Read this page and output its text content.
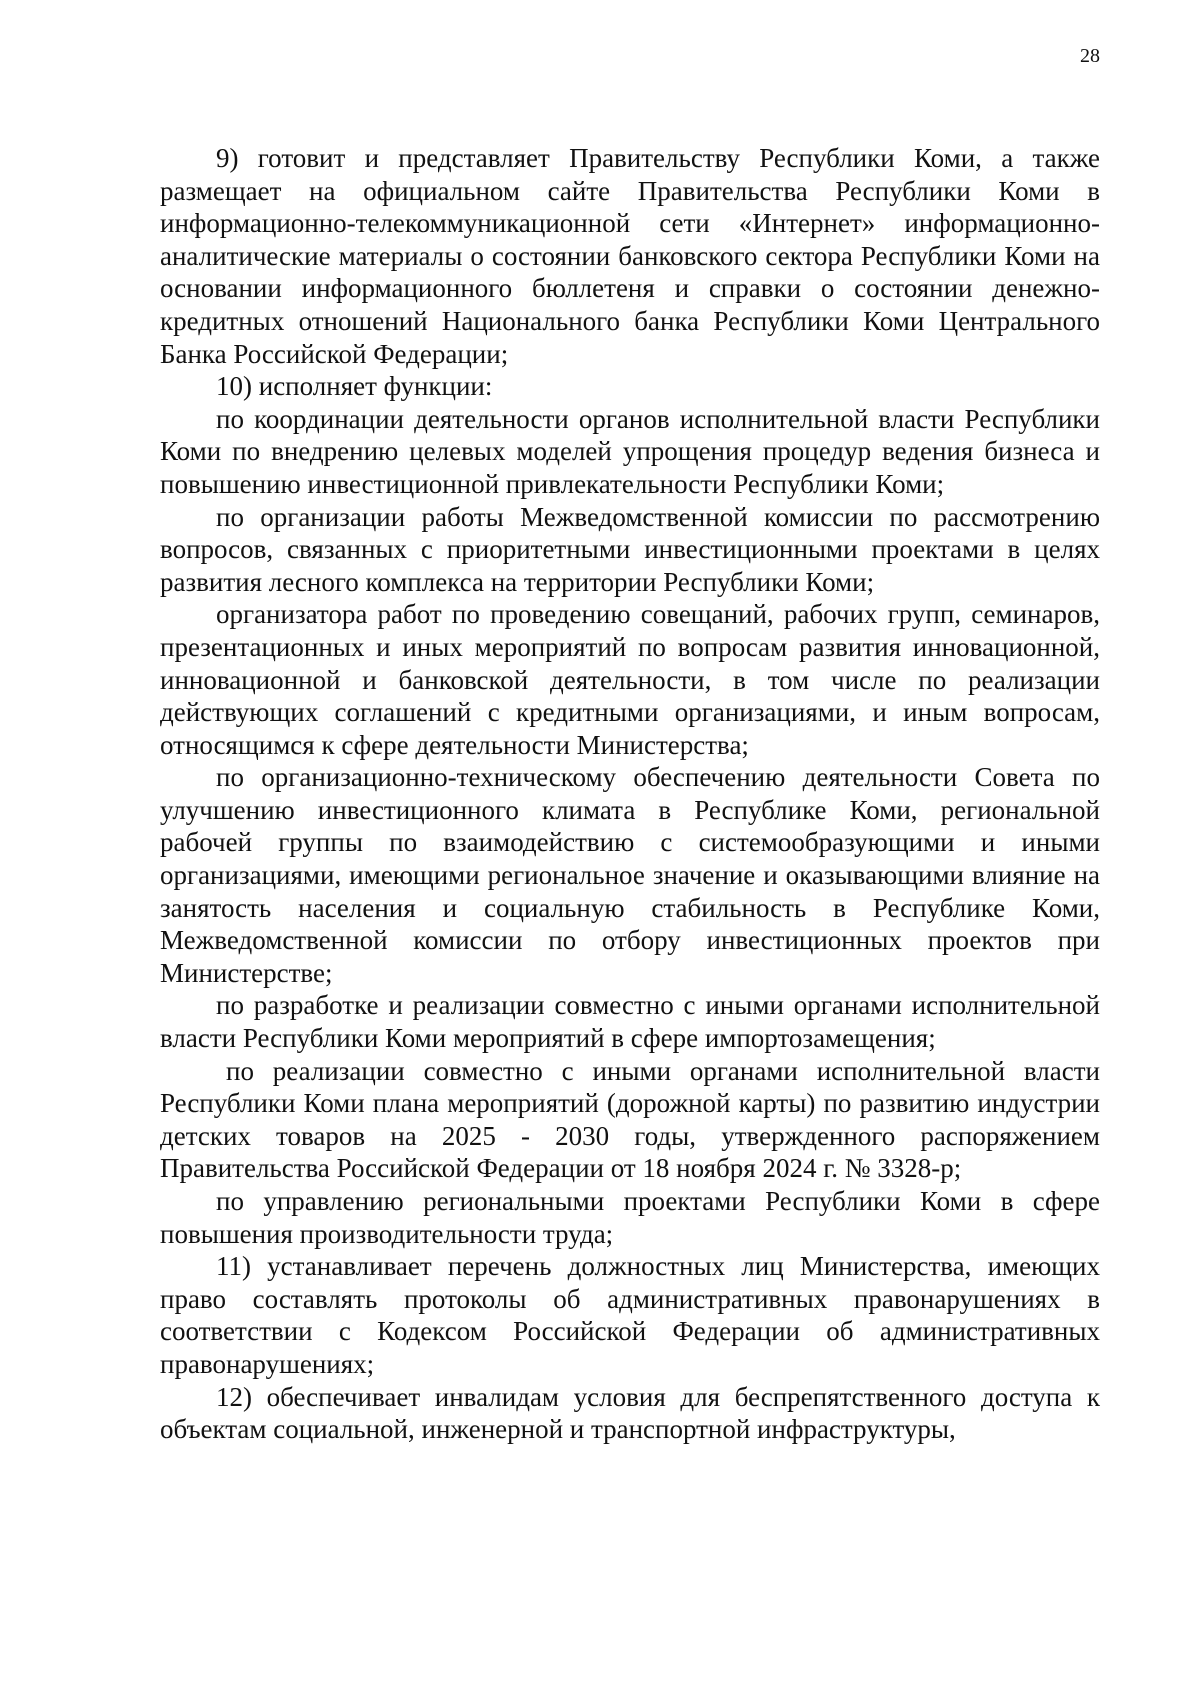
28

9) готовит и представляет Правительству Республики Коми, а также размещает на официальном сайте Правительства Республики Коми в информационно-телекоммуникационной сети «Интернет» информационно-аналитические материалы о состоянии банковского сектора Республики Коми на основании информационного бюллетеня и справки о состоянии денежно-кредитных отношений Национального банка Республики Коми Центрального Банка Российской Федерации;

10) исполняет функции:

по координации деятельности органов исполнительной власти Республики Коми по внедрению целевых моделей упрощения процедур ведения бизнеса и повышению инвестиционной привлекательности Республики Коми;

по организации работы Межведомственной комиссии по рассмотрению вопросов, связанных с приоритетными инвестиционными проектами в целях развития лесного комплекса на территории Республики Коми;

организатора работ по проведению совещаний, рабочих групп, семинаров, презентационных и иных мероприятий по вопросам развития инновационной, инновационной и банковской деятельности, в том числе по реализации действующих соглашений с кредитными организациями, и иным вопросам, относящимся к сфере деятельности Министерства;

по организационно-техническому обеспечению деятельности Совета по улучшению инвестиционного климата в Республике Коми, региональной рабочей группы по взаимодействию с системообразующими и иными организациями, имеющими региональное значение и оказывающими влияние на занятость населения и социальную стабильность в Республике Коми, Межведомственной комиссии по отбору инвестиционных проектов при Министерстве;

по разработке и реализации совместно с иными органами исполнительной власти Республики Коми мероприятий в сфере импортозамещения;

по реализации совместно с иными органами исполнительной власти Республики Коми плана мероприятий (дорожной карты) по развитию индустрии детских товаров на 2025 - 2030 годы, утвержденного распоряжением Правительства Российской Федерации от 18 ноября 2024 г. № 3328-р;

по управлению региональными проектами Республики Коми в сфере повышения производительности труда;

11) устанавливает перечень должностных лиц Министерства, имеющих право составлять протоколы об административных правонарушениях в соответствии с Кодексом Российской Федерации об административных правонарушениях;

12) обеспечивает инвалидам условия для беспрепятственного доступа к объектам социальной, инженерной и транспортной инфраструктуры,
